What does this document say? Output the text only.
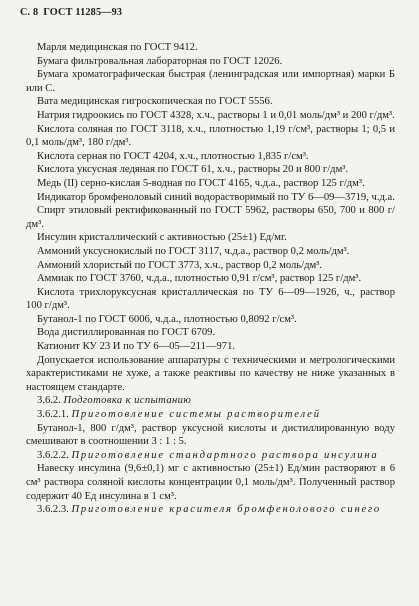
С. 8 ГОСТ 11285—93

Марля медицинская по ГОСТ 9412.

Бумага фильтровальная лабораторная по ГОСТ 12026.

Бумага хроматографическая быстрая (ленинградская или импортная) марки Б или С.

Вата медицинская гигроскопическая по ГОСТ 5556.

Натрия гидроокись по ГОСТ 4328, х.ч., растворы 1 и 0,01 моль/дм³ и 200 г/дм³.

Кислота соляная по ГОСТ 3118, х.ч., плотностью 1,19 г/см³, растворы 1; 0,5 и 0,1 моль/дм³, 180 г/дм³.

Кислота серная по ГОСТ 4204, х.ч., плотностью 1,835 г/см³.

Кислота уксусная ледяная по ГОСТ 61, х.ч., растворы 20 и 800 г/дм³.

Медь (II) серно-кислая 5-водная по ГОСТ 4165, ч.д.а., раствор 125 г/дм³.

Индикатор бромфеноловый синий водорастворимый по ТУ 6—09—3719, ч.д.а.

Спирт этиловый ректификованный по ГОСТ 5962, растворы 650, 700 и 800 г/дм³.

Инсулин кристаллический с активностью (25±1) Ед/мг.

Аммоний уксуснокислый по ГОСТ 3117, ч.д.а., раствор 0,2 моль/дм³.

Аммоний хлористый по ГОСТ 3773, х.ч., раствор 0,2 моль/дм³.

Аммиак по ГОСТ 3760, ч.д.а., плотностью 0,91 г/см³, раствор 125 г/дм³.

Кислота трихлоруксусная кристаллическая по ТУ 6—09—1926, ч., раствор 100 г/дм³.

Бутанол-1 по ГОСТ 6006, ч.д.а., плотностью 0,8092 г/см³.

Вода дистиллированная по ГОСТ 6709.

Катионит КУ 23 И по ТУ 6—05—211—971.

Допускается использование аппаратуры с техническими и метрологическими характеристиками не хуже, а также реактивы по качеству не ниже указанных в настоящем стандарте.

3.6.2. Подготовка к испытанию

3.6.2.1. Приготовление системы растворителей

Бутанол-1, 800 г/дм³, раствор уксусной кислоты и дистиллированную воду смешивают в соотношении 3 : 1 : 5.

3.6.2.2. Приготовление стандартного раствора инсулина

Навеску инсулина (9,6±0,1) мг с активностью (25±1) Ед/мин растворяют в 6 см³ раствора соляной кислоты концентрации 0,1 моль/дм³. Полученный раствор содержит 40 Ед инсулина в 1 см³.

3.6.2.3. Приготовление красителя бромфенолового синего
